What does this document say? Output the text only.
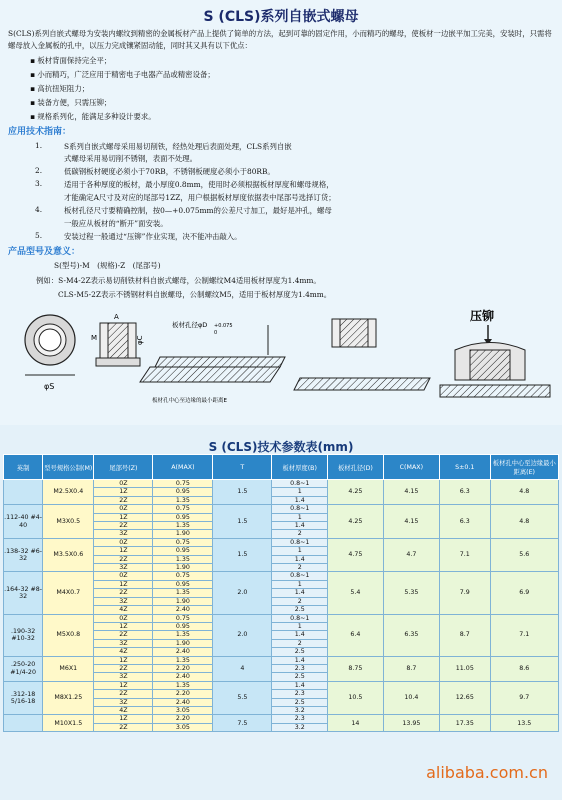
S (CLS)系列自嵌式螺母
S(CLS)系列自嵌式螺母为安装内螺纹到精密的金属板材产品上提供了简单的方法，起到可靠的固定作用，小而精巧的螺母，使板材一边嵌平加工完美，安装时，只需将螺母放入金属板的孔中，以压力完成镶紧固动能，同时其又具有以下优点：
▪ 板材背面保持完全平；
▪ 小而精巧，广泛应用于精密电子电器产品或精密设备；
▪ 高抗扭矩阻力；
▪ 装备方便，只需压铆；
▪ 规格系列化，能满足多种设计要求。
应用技术指南：
1.	S系列自嵌式螺母采用易切削铁，经热处理后表面处理，CLS系列自嵌
式螺母采用易切削不锈钢，表面不处理。
2.	低碳钢板材硬度必须小于70RB，不锈钢板硬度必须小于80RB。
3.	适用于各种厚度的板材，最小厚度0.8mm，使用时必须根据板材厚度和螺母规格，
才能确定A尺寸及对应的尾部号1ZZ，用户根据板材厚度依据表中尾部号选择订货；
4.	板材孔径尺寸要精确控制，按0—+0.075mm的公差尺寸加工，最好是冲孔，螺母
一般应从板材的“断开”面安装。
5.	安装过程一般通过“压铆”作业实现，决不能冲击敲入。
产品型号及意义：
S(型号)-M　(规格)-Z　(尾部号)
例如：S-M4-2Z表示易切削铁材料自嵌式螺母，公制螺纹M4适用板材厚度为1.4mm。
CLS-M5-2Z表示不锈钢材料自嵌螺母，公制螺纹M5，适用于板材厚度为1.4mm。
φS
M	φC
A
板材孔径φD +0.075
0
板材孔中心至边缘的最小距离E
压铆
S (CLS)技术参数表(mm)
英制	型号规格公制(M)	尾部号(Z)	A(MAX)	T	板材厚度(B)	板材孔径(D)	C(MAX)	S±0.1	板材孔中心至边缘最小距离(E)
	M2.5X0.4	0Z	0.75	1.5	0.8~1	4.25	4.15	6.3	4.8
		1Z	0.95		1				
		2Z	1.35		1.4				
.112-40 #4-40	M3X0.5	0Z	0.75	1.5	0.8~1	4.25	4.15	6.3	4.8
		1Z	0.95		1				
		2Z	1.35		1.4				
		3Z	1.90		2				
.138-32 #6-32	M3.5X0.6	0Z	0.75	1.5	0.8~1	4.75	4.7	7.1	5.6
		1Z	0.95		1				
		2Z	1.35		1.4				
		3Z	1.90		2				
.164-32 #8-32	M4X0.7	0Z	0.75	2.0	0.8~1	5.4	5.35	7.9	6.9
		1Z	0.95		1				
		2Z	1.35		1.4				
		3Z	1.90		2				
		4Z	2.40		2.5				
.190-32 #10-32	M5X0.8	0Z	0.75	2.0	0.8~1	6.4	6.35	8.7	7.1
		1Z	0.95		1				
		2Z	1.35		1.4				
		3Z	1.90		2				
		4Z	2.40		2.5				
.250-20 #1/4-20	M6X1	1Z	1.35	4	1.4	8.75	8.7	11.05	8.6
		2Z	2.20		2.3				
		3Z	2.40		2.5				
.312-18 5/16-18	M8X1.25	1Z	1.35	5.5	1.4	10.5	10.4	12.65	9.7
		2Z	2.20		2.3				
		3Z	2.40		2.5				
		4Z	3.05		3.2				
	M10X1.5	1Z	2.20	7.5	2.3	14	13.95	17.35	13.5
		2Z	3.05		3.2				
alibaba.com.cn
